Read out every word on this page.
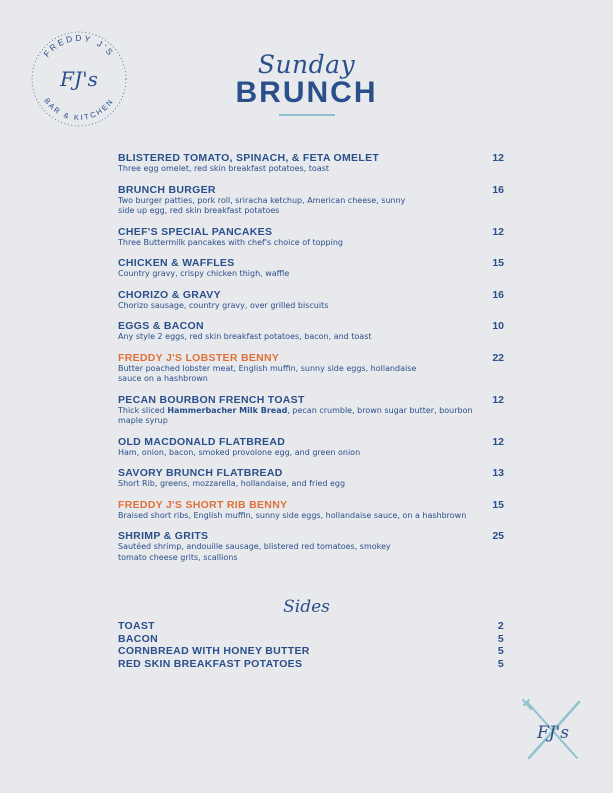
FREDDY J'S
BAR & KITCHEN
FJ's	Sunday
BRUNCH
BLISTERED TOMATO, SPINACH, & FETA OMELET	12
Three egg omelet, red skin breakfast potatoes, toast
BRUNCH BURGER	16
Two burger patties, pork roll, sriracha ketchup, American cheese, sunny side up egg, red skin breakfast potatoes
CHEF'S SPECIAL PANCAKES	12
Three Buttermilk pancakes with chef's choice of topping
CHICKEN & WAFFLES	15
Country gravy, crispy chicken thigh, waffle
CHORIZO & GRAVY	16
Chorizo sausage, country gravy, over grilled biscuits
EGGS & BACON	10
Any style 2 eggs, red skin breakfast potatoes, bacon, and toast
FREDDY J'S LOBSTER BENNY	22
Butter poached lobster meat, English muffin, sunny side eggs, hollandaise sauce on a hashbrown
PECAN BOURBON FRENCH TOAST	12
Thick sliced Hammerbacher Milk Bread, pecan crumble, brown sugar butter, bourbon maple syrup
OLD MACDONALD FLATBREAD	12
Ham, onion, bacon, smoked provolone egg, and green onion
SAVORY BRUNCH FLATBREAD	13
Short Rib, greens, mozzarella, hollandaise, and fried egg
FREDDY J'S SHORT RIB BENNY	15
Braised short ribs, English muffin, sunny side eggs, hollandaise sauce, on a hashbrown
SHRIMP & GRITS	25
Sautéed shrimp, andouille sausage, blistered red tomatoes, smokey tomato cheese grits, scallions
Sides
TOAST	2
BACON	5
CORNBREAD WITH HONEY BUTTER	5
RED SKIN BREAKFAST POTATOES	5
FJ's
